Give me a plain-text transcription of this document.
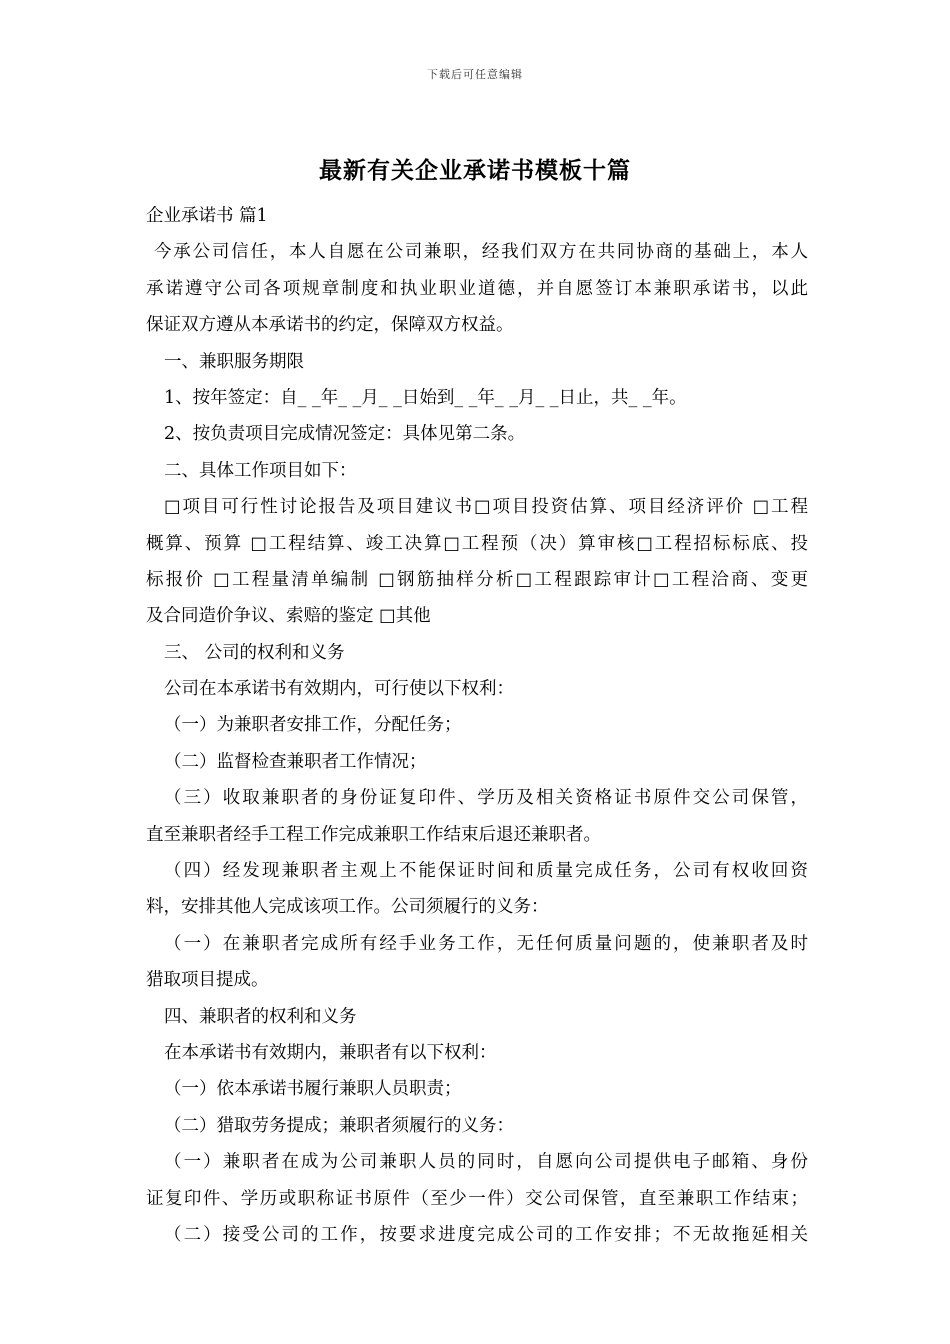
下载后可任意编辑
最新有关企业承诺书模板十篇
企业承诺书 篇1
今承公司信任，本人自愿在公司兼职，经我们双方在共同协商的基础上，本人
承诺遵守公司各项规章制度和执业职业道德，并自愿签订本兼职承诺书，以此
保证双方遵从本承诺书的约定，保障双方权益。
一、兼职服务期限
1、按年签定：自_ _年_ _月_ _日始到_ _年_ _月_ _日止，共_ _年。
2、按负责项目完成情况签定：具体见第二条。
二、具体工作项目如下：
□项目可行性讨论报告及项目建议书□项目投资估算、项目经济评价 □工程
概算、预算 □工程结算、竣工决算□工程预（决）算审核□工程招标标底、投
标报价 □工程量清单编制 □钢筋抽样分析□工程跟踪审计□工程洽商、变更
及合同造价争议、索赔的鉴定 □其他
三、 公司的权利和义务
公司在本承诺书有效期内，可行使以下权利：
（一）为兼职者安排工作，分配任务；
（二）监督检查兼职者工作情况；
（三）收取兼职者的身份证复印件、学历及相关资格证书原件交公司保管，
直至兼职者经手工程工作完成兼职工作结束后退还兼职者。
（四）经发现兼职者主观上不能保证时间和质量完成任务，公司有权收回资
料，安排其他人完成该项工作。公司须履行的义务：
（一）在兼职者完成所有经手业务工作，无任何质量问题的，使兼职者及时
猎取项目提成。
四、兼职者的权利和义务
在本承诺书有效期内，兼职者有以下权利：
（一）依本承诺书履行兼职人员职责；
（二）猎取劳务提成；兼职者须履行的义务：
（一）兼职者在成为公司兼职人员的同时，自愿向公司提供电子邮箱、身份
证复印件、学历或职称证书原件（至少一件）交公司保管，直至兼职工作结束；
（二）接受公司的工作，按要求进度完成公司的工作安排；不无故拖延相关
